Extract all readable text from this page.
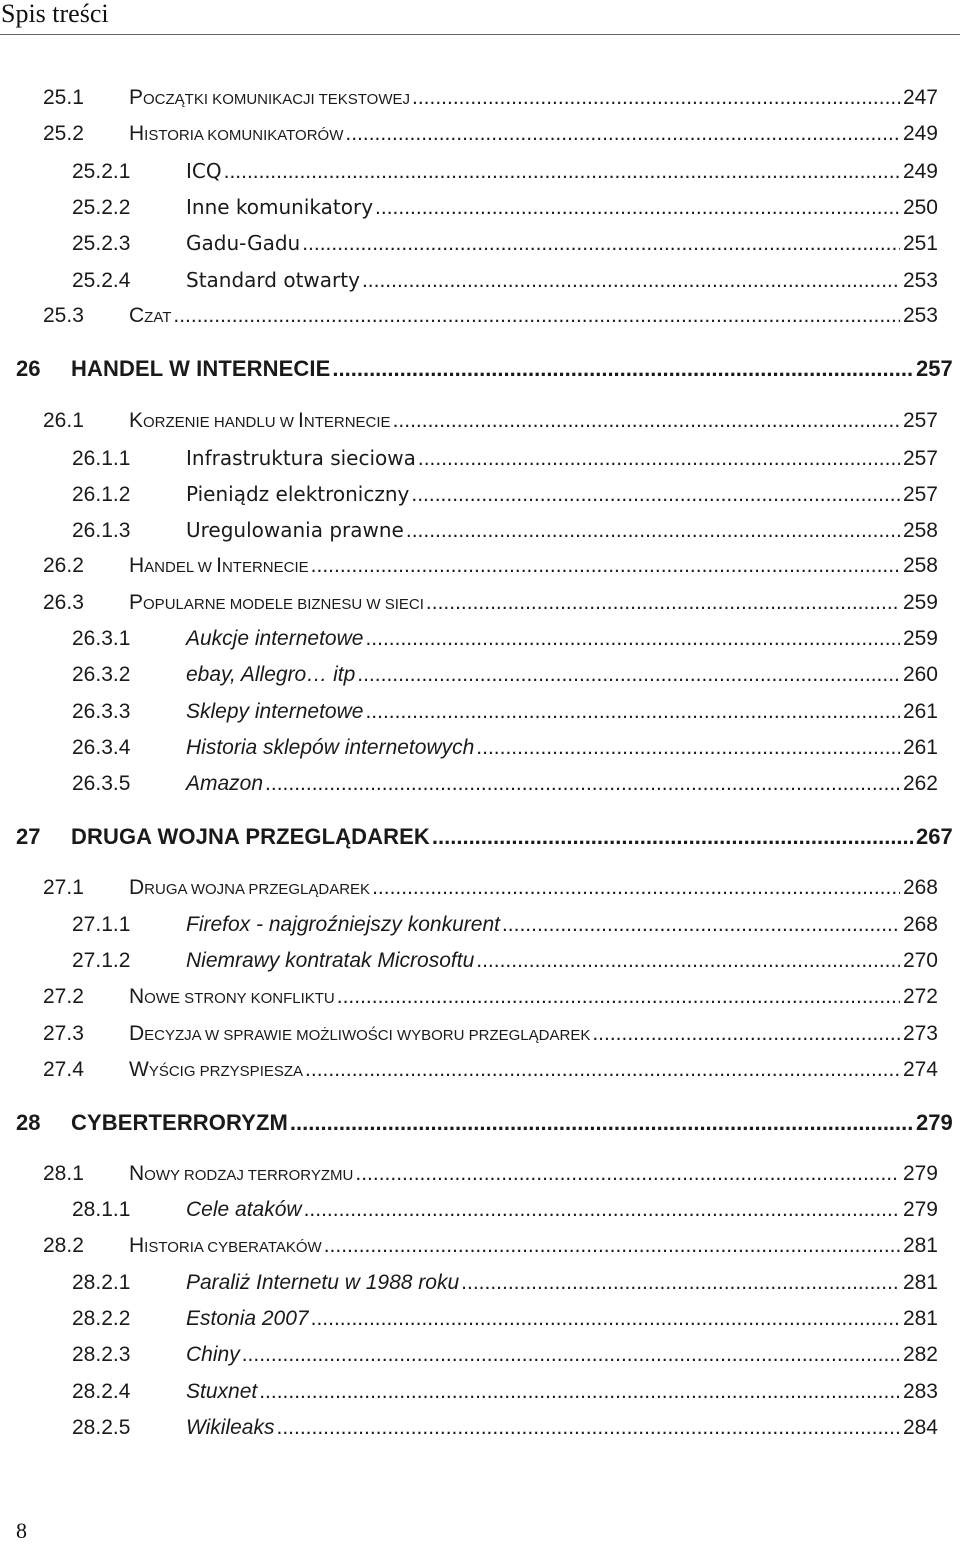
Spis treści
25.1	POCZĄTKI KOMUNIKACJI TEKSTOWEJ .....	247
25.2	HISTORIA KOMUNIKATORÓW .....	249
25.2.1	ICQ .....	249
25.2.2	Inne komunikatory .....	250
25.2.3	Gadu-Gadu .....	251
25.2.4	Standard otwarty .....	253
25.3	CZAT .....	253
26	HANDEL W INTERNECIE .....	257
26.1	KORZENIE HANDLU W INTERNECIE .....	257
26.1.1	Infrastruktura sieciowa .....	257
26.1.2	Pieniądz elektroniczny .....	257
26.1.3	Uregulowania prawne .....	258
26.2	HANDEL W INTERNECIE .....	258
26.3	POPULARNE MODELE BIZNESU W SIECI .....	259
26.3.1	Aukcje internetowe .....	259
26.3.2	ebay, Allegro… itp .....	260
26.3.3	Sklepy internetowe .....	261
26.3.4	Historia sklepów internetowych .....	261
26.3.5	Amazon .....	262
27	DRUGA WOJNA PRZEGLĄDAREK .....	267
27.1	DRUGA WOJNA PRZEGLĄDAREK .....	268
27.1.1	Firefox - najgroźniejszy konkurent .....	268
27.1.2	Niemrawy kontratak Microsoftu .....	270
27.2	NOWE STRONY KONFLIKTU .....	272
27.3	DECYZJA W SPRAWIE MOŻLIWOŚCI WYBORU PRZEGLĄDAREK .....	273
27.4	WYŚCIG PRZYSPIESZA .....	274
28	CYBERTERRORYZM .....	279
28.1	NOWY RODZAJ TERRORYZMU .....	279
28.1.1	Cele ataków .....	279
28.2	HISTORIA CYBERATAKÓW .....	281
28.2.1	Paraliż Internetu w 1988 roku .....	281
28.2.2	Estonia 2007 .....	281
28.2.3	Chiny .....	282
28.2.4	Stuxnet .....	283
28.2.5	Wikileaks .....	284
8
